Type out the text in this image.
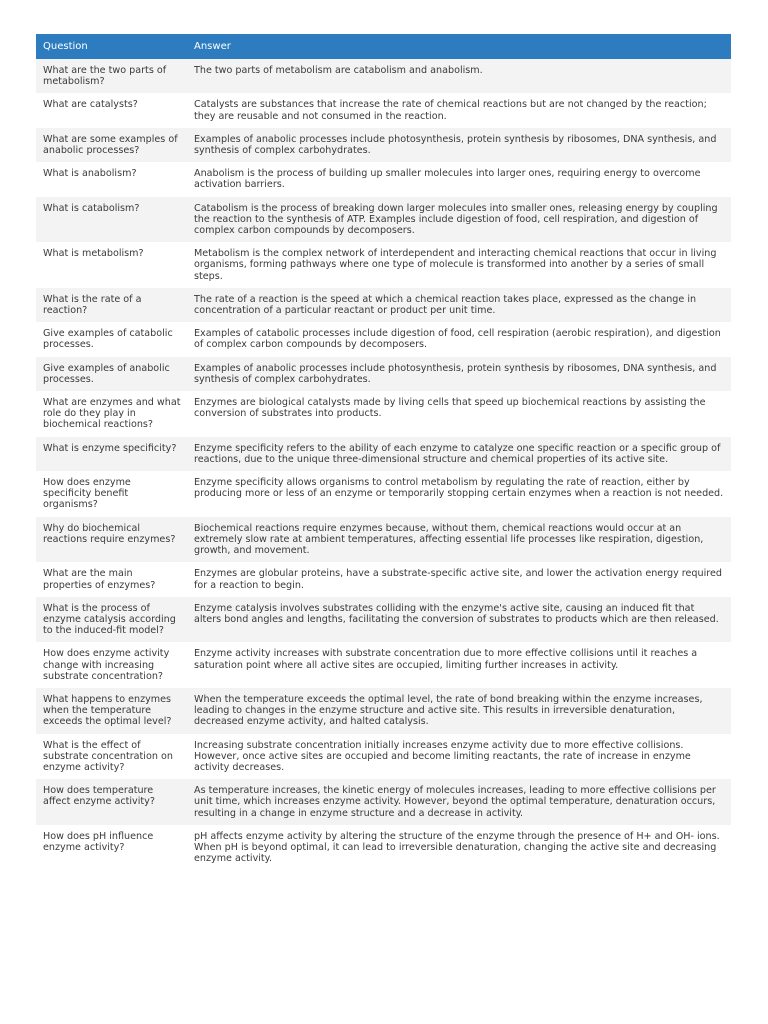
Question	Answer
What are the two parts of metabolism?	The two parts of metabolism are catabolism and anabolism.
What are catalysts?	Catalysts are substances that increase the rate of chemical reactions but are not changed by the reaction; they are reusable and not consumed in the reaction.
What are some examples of anabolic processes?	Examples of anabolic processes include photosynthesis, protein synthesis by ribosomes, DNA synthesis, and synthesis of complex carbohydrates.
What is anabolism?	Anabolism is the process of building up smaller molecules into larger ones, requiring energy to overcome activation barriers.
What is catabolism?	Catabolism is the process of breaking down larger molecules into smaller ones, releasing energy by coupling the reaction to the synthesis of ATP. Examples include digestion of food, cell respiration, and digestion of complex carbon compounds by decomposers.
What is metabolism?	Metabolism is the complex network of interdependent and interacting chemical reactions that occur in living organisms, forming pathways where one type of molecule is transformed into another by a series of small steps.
What is the rate of a reaction?	The rate of a reaction is the speed at which a chemical reaction takes place, expressed as the change in concentration of a particular reactant or product per unit time.
Give examples of catabolic processes.	Examples of catabolic processes include digestion of food, cell respiration (aerobic respiration), and digestion of complex carbon compounds by decomposers.
Give examples of anabolic processes.	Examples of anabolic processes include photosynthesis, protein synthesis by ribosomes, DNA synthesis, and synthesis of complex carbohydrates.
What are enzymes and what role do they play in biochemical reactions?	Enzymes are biological catalysts made by living cells that speed up biochemical reactions by assisting the conversion of substrates into products.
What is enzyme specificity?	Enzyme specificity refers to the ability of each enzyme to catalyze one specific reaction or a specific group of reactions, due to the unique three-dimensional structure and chemical properties of its active site.
How does enzyme specificity benefit organisms?	Enzyme specificity allows organisms to control metabolism by regulating the rate of reaction, either by producing more or less of an enzyme or temporarily stopping certain enzymes when a reaction is not needed.
Why do biochemical reactions require enzymes?	Biochemical reactions require enzymes because, without them, chemical reactions would occur at an extremely slow rate at ambient temperatures, affecting essential life processes like respiration, digestion, growth, and movement.
What are the main properties of enzymes?	Enzymes are globular proteins, have a substrate-specific active site, and lower the activation energy required for a reaction to begin.
What is the process of enzyme catalysis according to the induced-fit model?	Enzyme catalysis involves substrates colliding with the enzyme's active site, causing an induced fit that alters bond angles and lengths, facilitating the conversion of substrates to products which are then released.
How does enzyme activity change with increasing substrate concentration?	Enzyme activity increases with substrate concentration due to more effective collisions until it reaches a saturation point where all active sites are occupied, limiting further increases in activity.
What happens to enzymes when the temperature exceeds the optimal level?	When the temperature exceeds the optimal level, the rate of bond breaking within the enzyme increases, leading to changes in the enzyme structure and active site. This results in irreversible denaturation, decreased enzyme activity, and halted catalysis.
What is the effect of substrate concentration on enzyme activity?	Increasing substrate concentration initially increases enzyme activity due to more effective collisions. However, once active sites are occupied and become limiting reactants, the rate of increase in enzyme activity decreases.
How does temperature affect enzyme activity?	As temperature increases, the kinetic energy of molecules increases, leading to more effective collisions per unit time, which increases enzyme activity. However, beyond the optimal temperature, denaturation occurs, resulting in a change in enzyme structure and a decrease in activity.
How does pH influence enzyme activity?	pH affects enzyme activity by altering the structure of the enzyme through the presence of H+ and OH- ions. When pH is beyond optimal, it can lead to irreversible denaturation, changing the active site and decreasing enzyme activity.
